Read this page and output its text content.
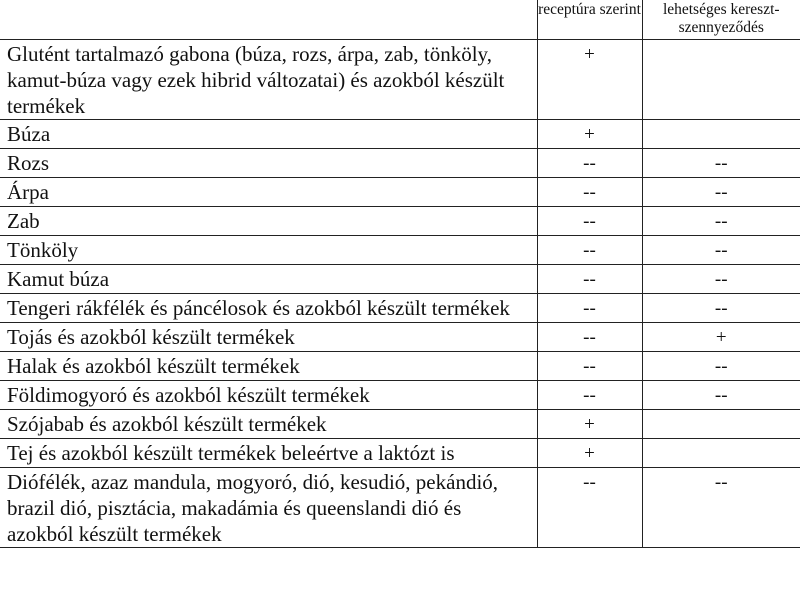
	receptúra szerint	lehetséges kereszt-szennyeződés
Glutént tartalmazó gabona (búza, rozs, árpa, zab, tönköly, kamut-búza vagy ezek hibrid változatai) és azokból készült termékek	+	
Búza	+	
Rozs	--	--
Árpa	--	--
Zab	--	--
Tönköly	--	--
Kamut búza	--	--
Tengeri rákfélék és páncélosok és azokból készült termékek	--	--
Tojás és azokból készült termékek	--	+
Halak és azokból készült termékek	--	--
Földimogyoró és azokból készült termékek	--	--
Szójabab és azokból készült termékek	+	
Tej és azokból készült termékek beleértve a laktózt is	+	
Diófélék, azaz mandula, mogyoró, dió, kesudió, pekándió, brazil dió, pisztácia, makadámia és queenslandi dió és azokból készült termékek	--	--
